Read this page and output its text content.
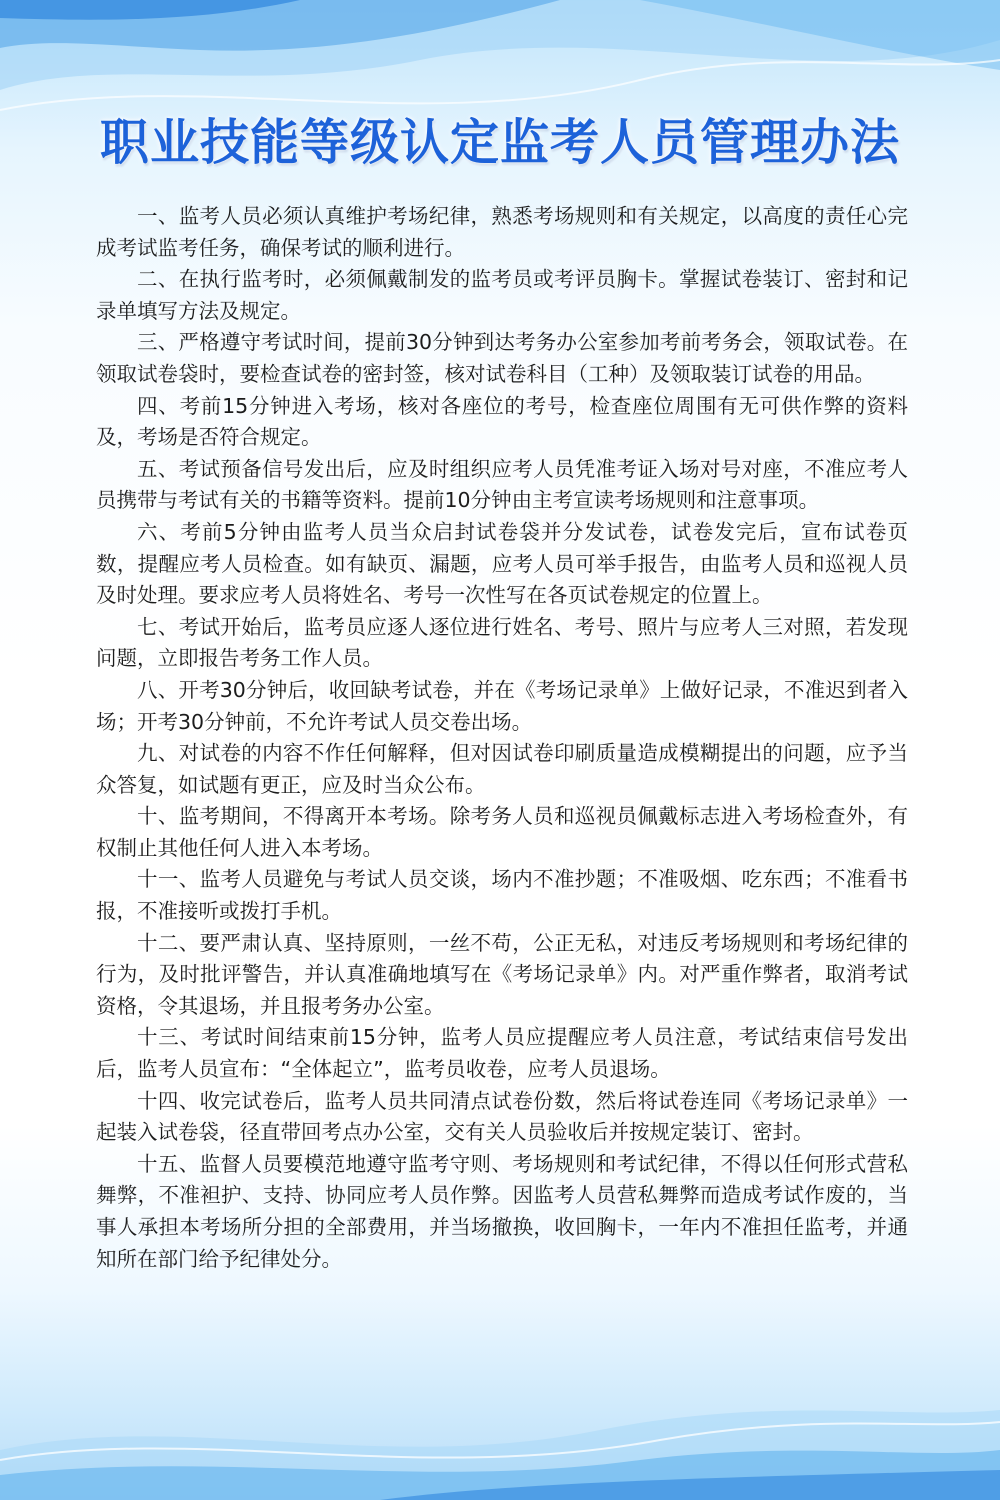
职业技能等级认定监考人员管理办法

一、监考人员必须认真维护考场纪律，熟悉考场规则和有关规定，以高度的责任心完成考试监考任务，确保考试的顺利进行。

二、在执行监考时，必须佩戴制发的监考员或考评员胸卡。掌握试卷装订、密封和记录单填写方法及规定。

三、严格遵守考试时间，提前30分钟到达考务办公室参加考前考务会，领取试卷。在领取试卷袋时，要检查试卷的密封签，核对试卷科目（工种）及领取装订试卷的用品。

四、考前15分钟进入考场，核对各座位的考号，检查座位周围有无可供作弊的资料及，考场是否符合规定。

五、考试预备信号发出后，应及时组织应考人员凭准考证入场对号对座，不准应考人员携带与考试有关的书籍等资料。提前10分钟由主考宣读考场规则和注意事项。

六、考前5分钟由监考人员当众启封试卷袋并分发试卷，试卷发完后，宣布试卷页数，提醒应考人员检查。如有缺页、漏题，应考人员可举手报告，由监考人员和巡视人员及时处理。要求应考人员将姓名、考号一次性写在各页试卷规定的位置上。

七、考试开始后，监考员应逐人逐位进行姓名、考号、照片与应考人三对照，若发现问题，立即报告考务工作人员。

八、开考30分钟后，收回缺考试卷，并在《考场记录单》上做好记录，不准迟到者入场；开考30分钟前，不允许考试人员交卷出场。

九、对试卷的内容不作任何解释，但对因试卷印刷质量造成模糊提出的问题，应予当众答复，如试题有更正，应及时当众公布。

十、监考期间，不得离开本考场。除考务人员和巡视员佩戴标志进入考场检查外，有权制止其他任何人进入本考场。

十一、监考人员避免与考试人员交谈，场内不准抄题；不准吸烟、吃东西；不准看书报，不准接听或拨打手机。

十二、要严肃认真、坚持原则，一丝不苟，公正无私，对违反考场规则和考场纪律的行为，及时批评警告，并认真准确地填写在《考场记录单》内。对严重作弊者，取消考试资格，令其退场，并且报考务办公室。

十三、考试时间结束前15分钟，监考人员应提醒应考人员注意，考试结束信号发出后，监考人员宣布：“全体起立”，监考员收卷，应考人员退场。

十四、收完试卷后，监考人员共同清点试卷份数，然后将试卷连同《考场记录单》一起装入试卷袋，径直带回考点办公室，交有关人员验收后并按规定装订、密封。

十五、监督人员要模范地遵守监考守则、考场规则和考试纪律，不得以任何形式营私舞弊，不准袒护、支持、协同应考人员作弊。因监考人员营私舞弊而造成考试作废的，当事人承担本考场所分担的全部费用，并当场撤换，收回胸卡，一年内不准担任监考，并通知所在部门给予纪律处分。
